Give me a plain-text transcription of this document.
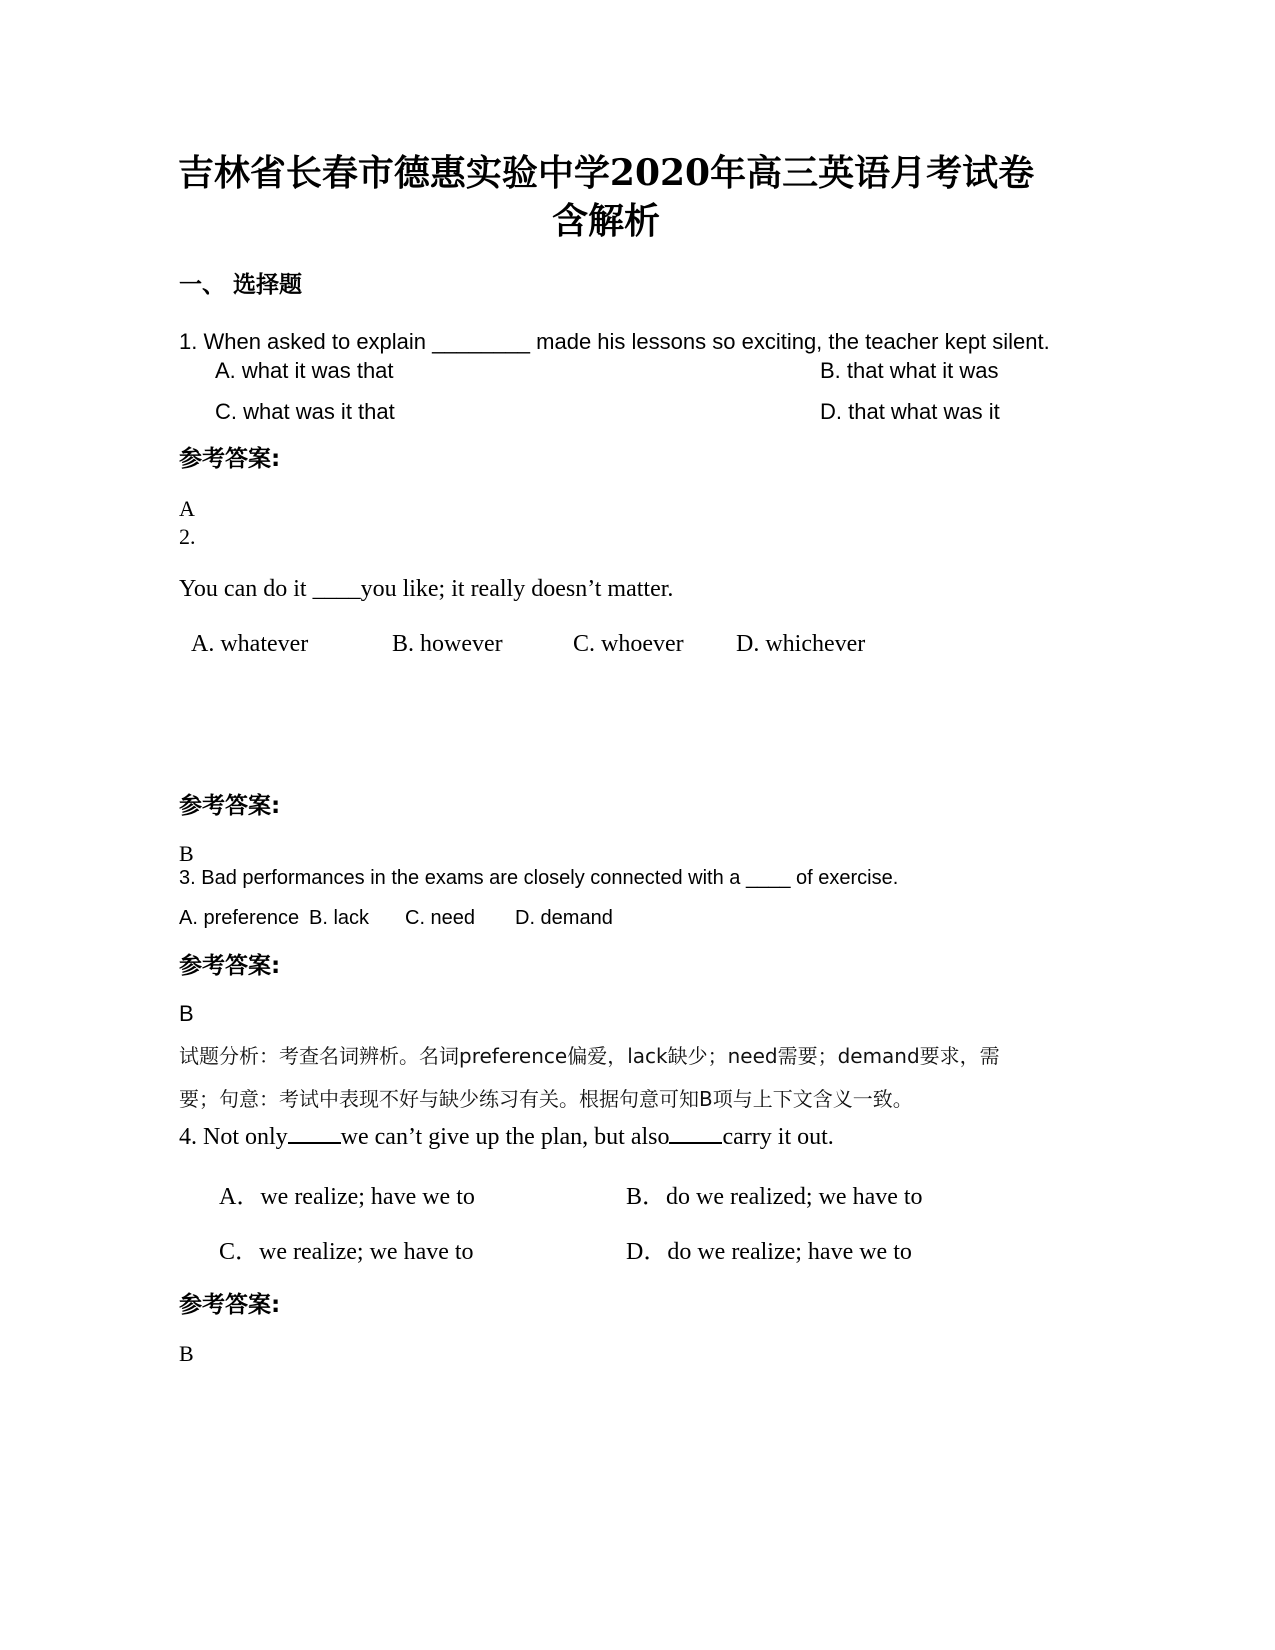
吉林省长春市德惠实验中学2020年高三英语月考试卷
含解析
一、 选择题
1. When asked to explain ________ made his lessons so exciting, the teacher kept silent.
A. what it was that	B. that what it was
C. what was it that	D. that what was it
参考答案:
A
2.
You can do it ____you like; it really doesn’t matter.
A. whatever	B. however	C. whoever D. whichever
参考答案:
B
3. Bad performances in the exams are closely connected with a ____ of exercise.
A. preference B. lack C. need D. demand
参考答案:
B
试题分析：考查名词辨析。名词preference偏爱，lack缺少；need需要；demand要求，需
要；句意：考试中表现不好与缺少练习有关。根据句意可知B项与上下文含义一致。
4. Not only we can’t give up the plan, but also carry it out.
A．we realize; have we to	B．do we realized; we have to
C．we realize; we have to	D．do we realize; have we to
参考答案:
B
